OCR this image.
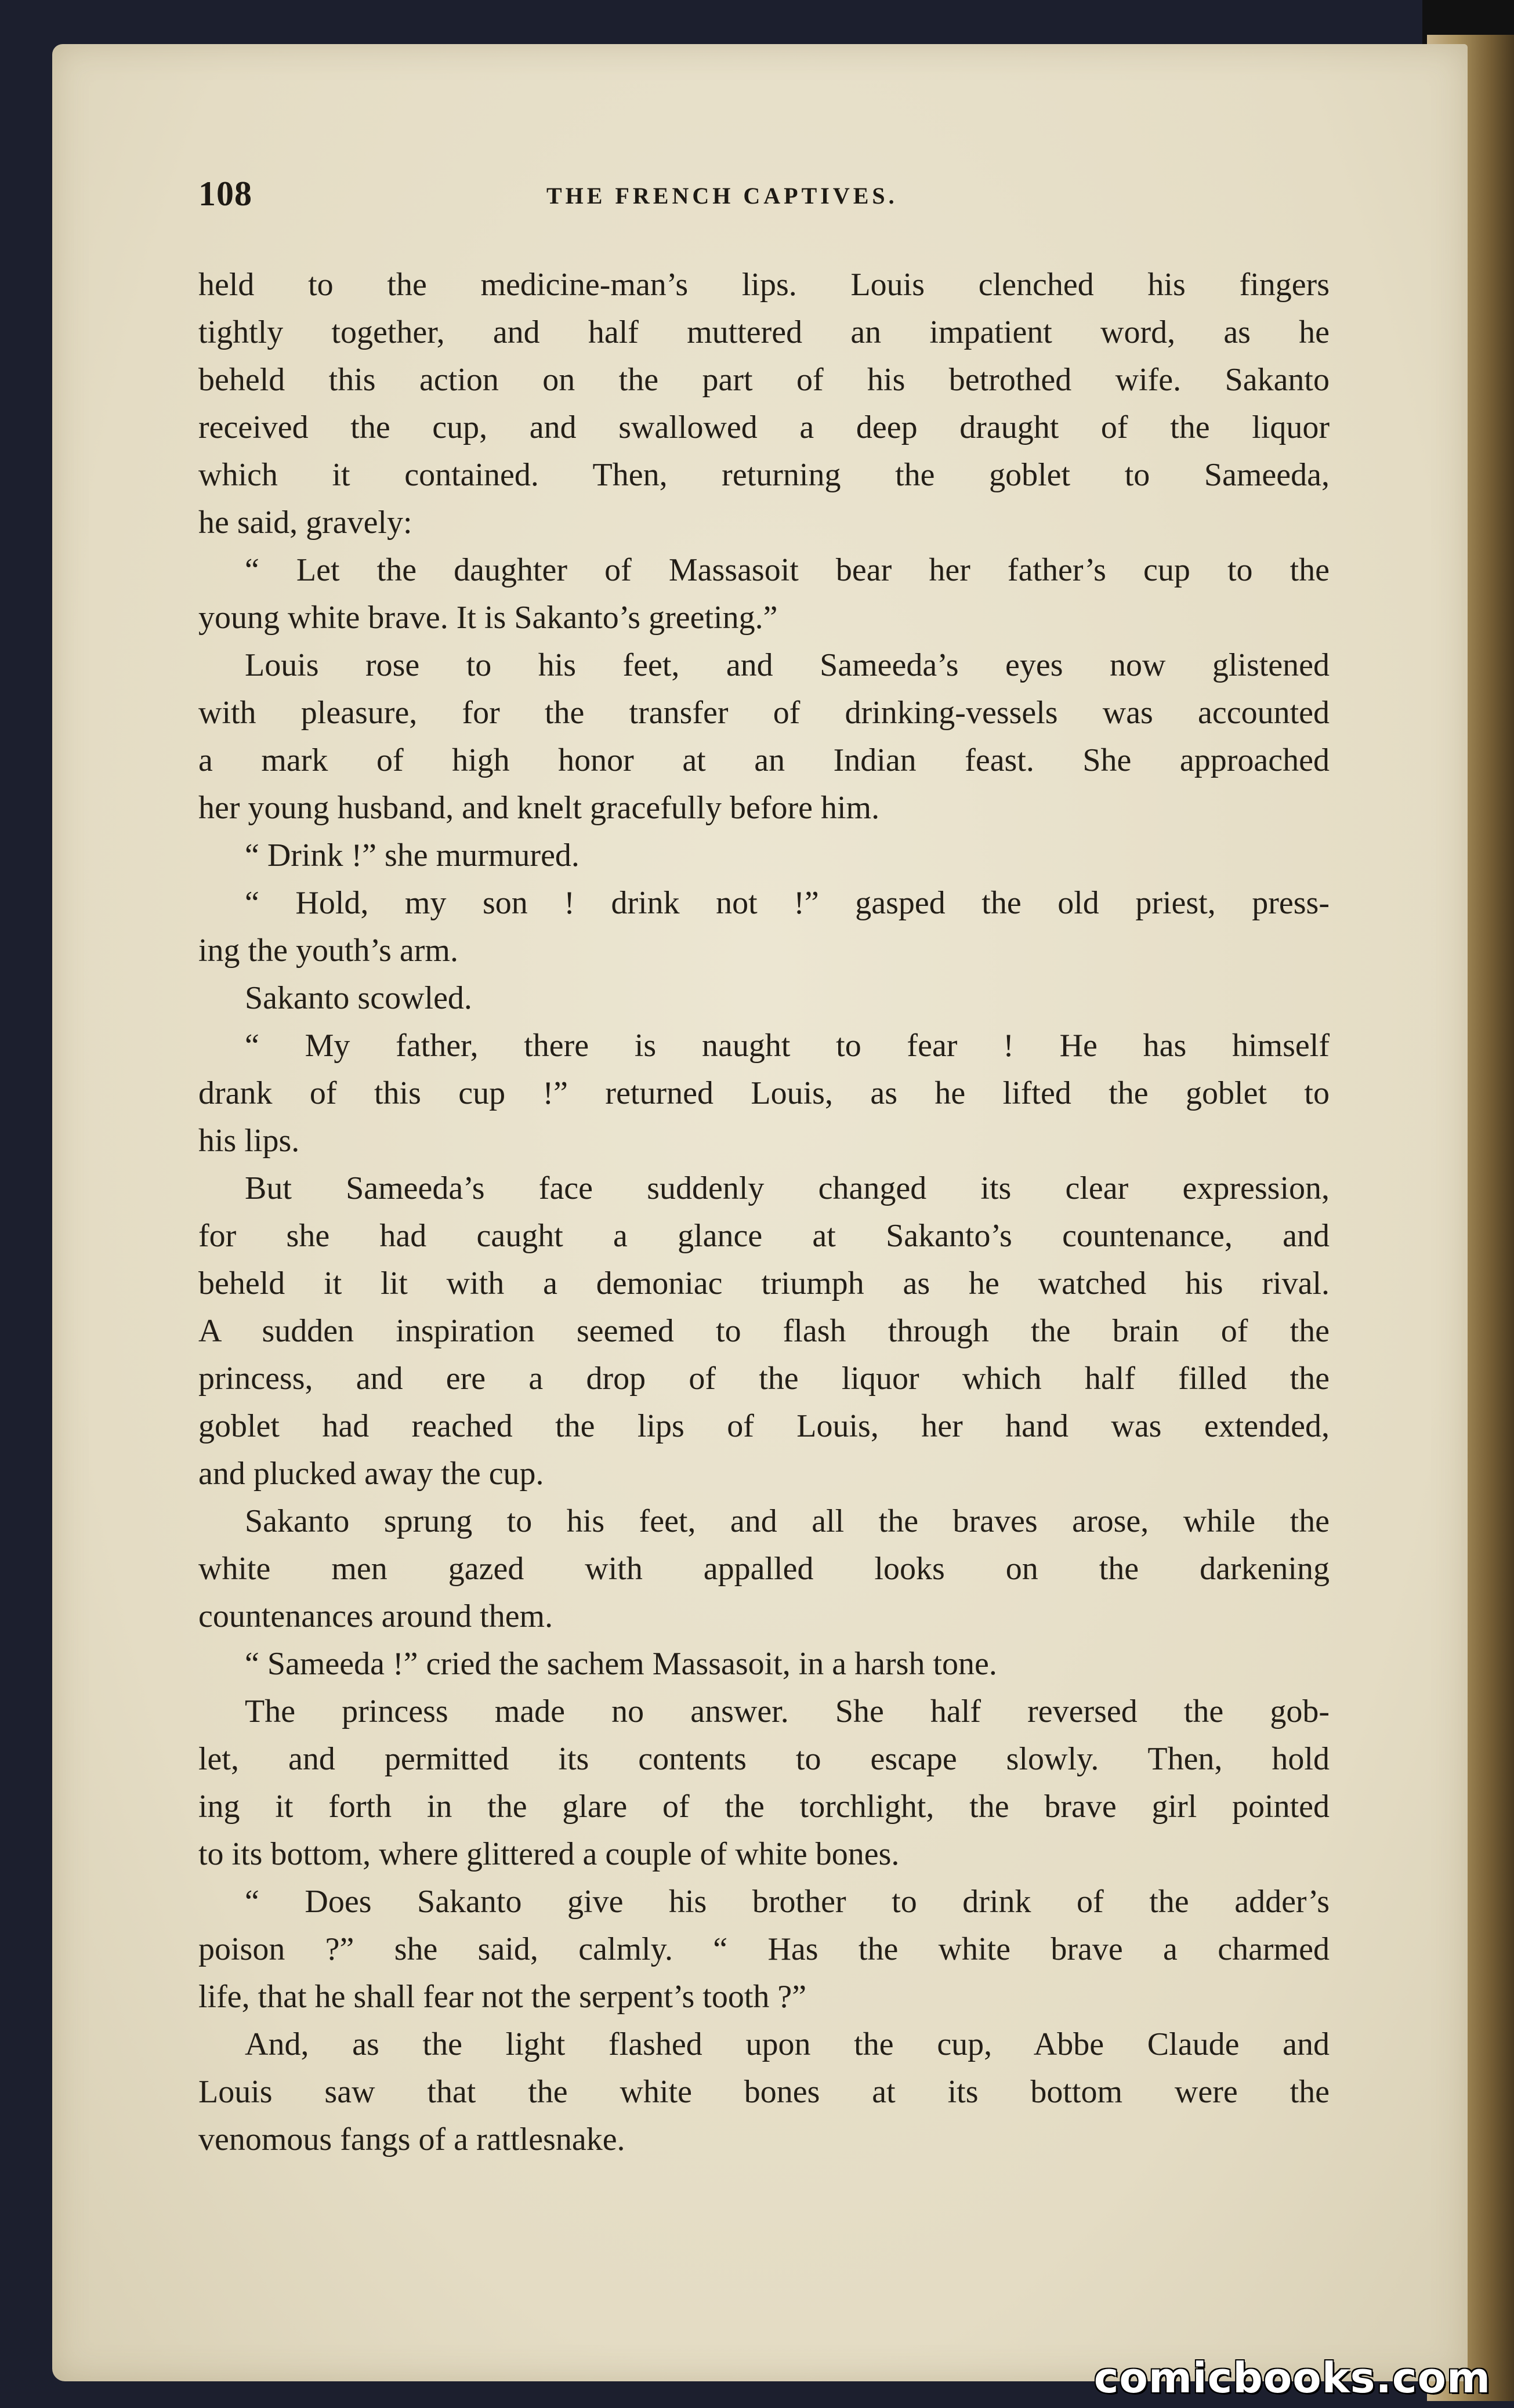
108	THE FRENCH CAPTIVES.
held to the medicine-man’s lips. Louis clenched his fingers
tightly together, and half muttered an impatient word, as he
beheld this action on the part of his betrothed wife. Sakanto
received the cup, and swallowed a deep draught of the liquor
which it contained. Then, returning the goblet to Sameeda,
he said, gravely:
“ Let the daughter of Massasoit bear her father’s cup to the
young white brave. It is Sakanto’s greeting.”
Louis rose to his feet, and Sameeda’s eyes now glistened
with pleasure, for the transfer of drinking-vessels was accounted
a mark of high honor at an Indian feast. She approached
her young husband, and knelt gracefully before him.
“ Drink !” she murmured.
“ Hold, my son ! drink not !” gasped the old priest, press-
ing the youth’s arm.
Sakanto scowled.
“ My father, there is naught to fear ! He has himself
drank of this cup !” returned Louis, as he lifted the goblet to
his lips.
But Sameeda’s face suddenly changed its clear expression,
for she had caught a glance at Sakanto’s countenance, and
beheld it lit with a demoniac triumph as he watched his rival.
A sudden inspiration seemed to flash through the brain of the
princess, and ere a drop of the liquor which half filled the
goblet had reached the lips of Louis, her hand was extended,
and plucked away the cup.
Sakanto sprung to his feet, and all the braves arose, while the
white men gazed with appalled looks on the darkening
countenances around them.
“ Sameeda !” cried the sachem Massasoit, in a harsh tone.
The princess made no answer. She half reversed the gob-
let, and permitted its contents to escape slowly. Then, hold
ing it forth in the glare of the torchlight, the brave girl pointed
to its bottom, where glittered a couple of white bones.
“ Does Sakanto give his brother to drink of the adder’s
poison ?” she said, calmly. “ Has the white brave a charmed
life, that he shall fear not the serpent’s tooth ?”
And, as the light flashed upon the cup, Abbe Claude and
Louis saw that the white bones at its bottom were the
venomous fangs of a rattlesnake.
comicbooks.com
